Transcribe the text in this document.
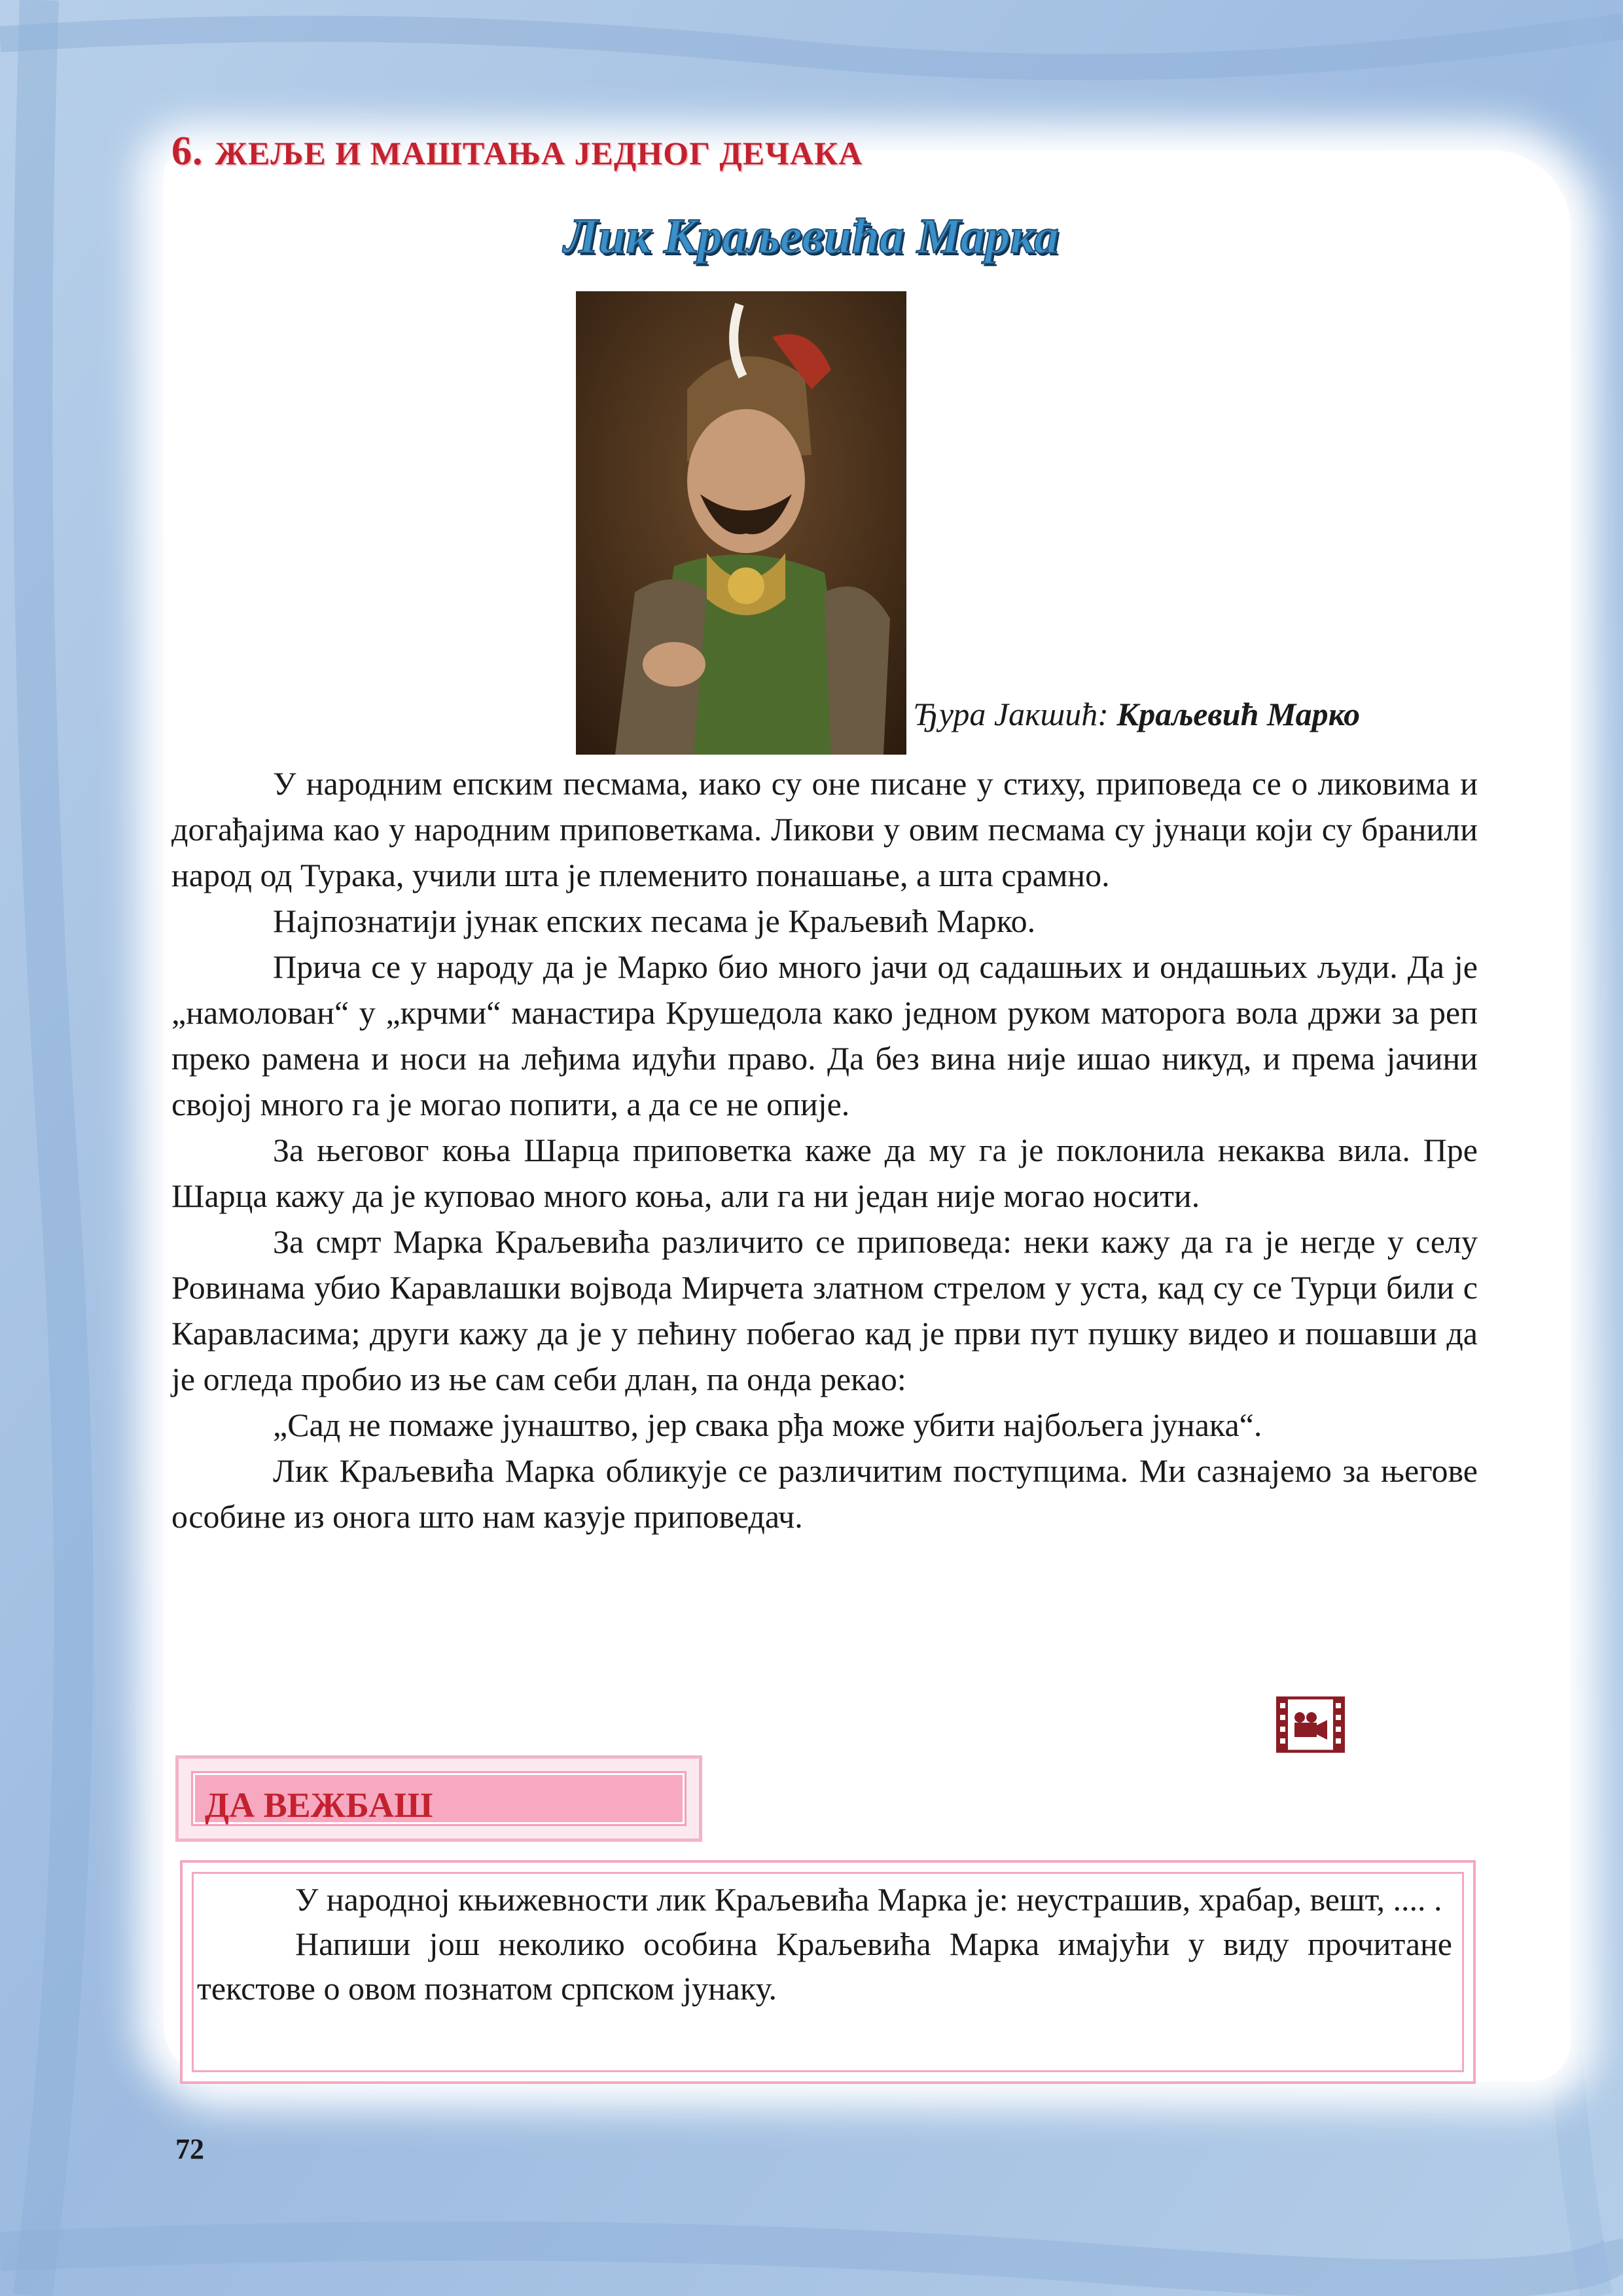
6. ЖЕЉЕ И МАШТАЊА ЈЕДНОГ ДЕЧАКА
Лик Краљевића Марка
Ђура Јакшић: Краљевић Марко

У народним епским песмама, иако су оне писане у стиху, приповеда се о ликовима и догађајима као у народним приповеткама. Ликови у овим песмама су јунаци који су бранили народ од Турака, учили шта је племенито понашање, а шта срамно.

Најпознатији јунак епских песама је Краљевић Марко.

Прича се у народу да је Марко био много јачи од садашњих и ондашњих људи. Да је „намолован“ у „крчми“ манастира Крушедола како једном руком маторога вола држи за реп преко рамена и носи на леђима идући право. Да без вина није ишао никуд, и према јачини својој много га је могао попити, а да се не опије.

За његовог коња Шарца приповетка каже да му га је поклонила некаква вила. Пре Шарца кажу да је куповао много коња, али га ни један није могао носити.

За смрт Марка Краљевића различито се приповеда: неки кажу да га је негде у селу Ровинама убио Каравлашки војвода Мирчета златном стрелом у уста, кад су се Турци били с Каравласима; други кажу да је у пећину побегао кад је први пут пушку видео и пошавши да је огледа пробио из ње сам себи длан, па онда рекао:

„Сад не помаже јунаштво, јер свака рђа може убити најбољега јунака“.

Лик Краљевића Марка обликује се различитим поступцима. Ми сазнајемо за његове особине из онога што нам казује приповедач.

ДА ВЕЖБАШ

У народној књижевности лик Краљевића Марка је: неустрашив, храбар, вешт, .... .

Напиши још неколико особина Краљевића Марка имајући у виду прочитане текстове о овом познатом српском јунаку.

72
